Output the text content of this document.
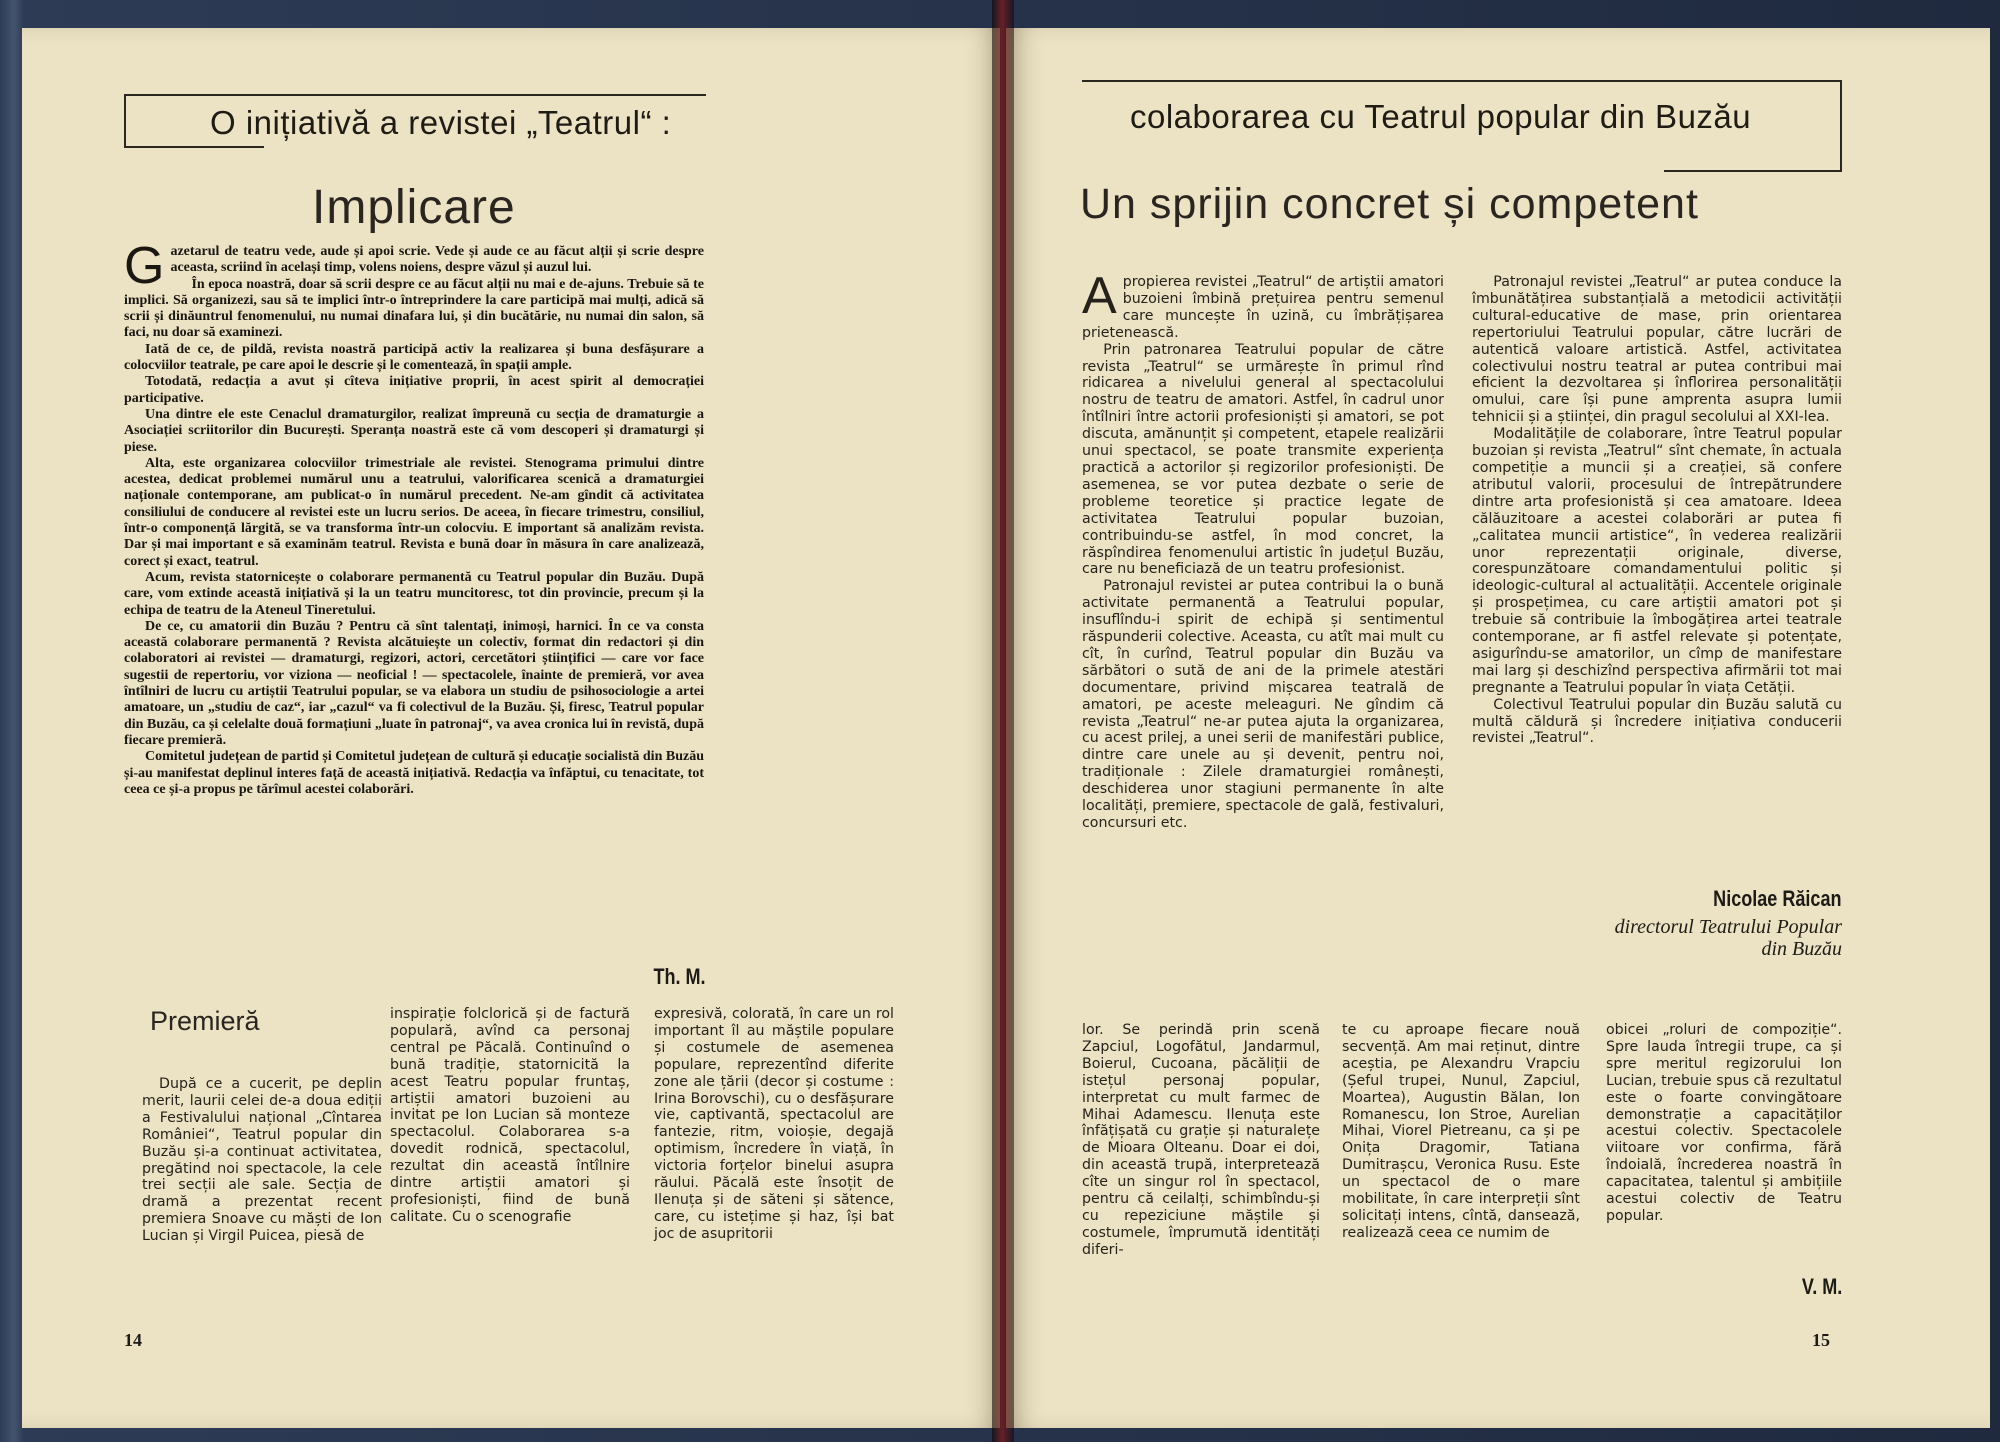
O inițiativă a revistei „Teatrul“ :
Implicare
G azetarul de teatru vede, aude și apoi scrie. Vede și aude ce au făcut alții și scrie despre aceasta, scriind în același timp, volens noiens, despre văzul și auzul lui.

În epoca noastră, doar să scrii despre ce au făcut alții nu mai e de-ajuns. Trebuie să te implici. Să organizezi, sau să te implici într-o întreprindere la care participă mai mulți, adică să scrii și dinăuntrul fenomenului, nu numai dinafara lui, și din bucătărie, nu numai din salon, să faci, nu doar să examinezi.

Iată de ce, de pildă, revista noastră participă activ la realizarea și buna desfășurare a colocviilor teatrale, pe care apoi le descrie și le comentează, în spații ample.

Totodată, redacția a avut și cîteva inițiative proprii, în acest spirit al democrației participative.

Una dintre ele este Cenaclul dramaturgilor, realizat împreună cu secția de dramaturgie a Asociației scriitorilor din București. Speranța noastră este că vom descoperi și dramaturgi și piese.

Alta, este organizarea colocviilor trimestriale ale revistei. Stenograma primului dintre acestea, dedicat problemei numărul unu a teatrului, valorificarea scenică a dramaturgiei naționale contemporane, am publicat-o în numărul precedent. Ne-am gîndit că activitatea consiliului de conducere al revistei este un lucru serios. De aceea, în fiecare trimestru, consiliul, într-o componență lărgită, se va transforma într-un colocviu. E important să analizăm revista. Dar și mai important e să examinăm teatrul. Revista e bună doar în măsura în care analizează, corect și exact, teatrul.

Acum, revista statornicește o colaborare permanentă cu Teatrul popular din Buzău. După care, vom extinde această inițiativă și la un teatru muncitoresc, tot din provincie, precum și la echipa de teatru de la Ateneul Tineretului.

De ce, cu amatorii din Buzău ? Pentru că sînt talentați, inimoși, harnici. În ce va consta această colaborare permanentă ? Revista alcătuiește un colectiv, format din redactori și din colaboratori ai revistei — dramaturgi, regizori, actori, cercetători științifici — care vor face sugestii de repertoriu, vor viziona — neoficial ! — spectacolele, înainte de premieră, vor avea întîlniri de lucru cu artiștii Teatrului popular, se va elabora un studiu de psihosociologie a artei amatoare, un „studiu de caz“, iar „cazul“ va fi colectivul de la Buzău. Și, firesc, Teatrul popular din Buzău, ca și celelalte două formațiuni „luate în patronaj“, va avea cronica lui în revistă, după fiecare premieră.

Comitetul județean de partid și Comitetul județean de cultură și educație socialistă din Buzău și-au manifestat deplinul interes față de această inițiativă. Redacția va înfăptui, cu tenacitate, tot ceea ce și-a propus pe tărîmul acestei colaborări.

Th. M.
Premieră
După ce a cucerit, pe deplin merit, laurii celei de-a doua ediții a Festivalului național „Cîntarea României“, Teatrul popular din Buzău și-a continuat activitatea, pregătind noi spectacole, la cele trei secții ale sale. Secția de dramă a prezentat recent premiera Snoave cu măști de Ion Lucian și Virgil Puicea, piesă de
inspirație folclorică și de factură populară, avînd ca personaj central pe Păcală. Continuînd o bună tradiție, statornicită la acest Teatru popular fruntaș, artiștii amatori buzoieni au invitat pe Ion Lucian să monteze spectacolul. Colaborarea s-a dovedit rodnică, spectacolul, rezultat din această întîlnire dintre artiștii amatori și profesioniști, fiind de bună calitate. Cu o scenografie
expresivă, colorată, în care un rol important îl au măștile populare și costumele de asemenea populare, reprezentînd diferite zone ale țării (decor și costume : Irina Borovschi), cu o desfășurare vie, captivantă, spectacolul are fantezie, ritm, voioșie, degajă optimism, încredere în viață, în victoria forțelor binelui asupra răului. Păcală este însoțit de Ilenuța și de săteni și sătence, care, cu istețime și haz, își bat joc de asupritorii
14
colaborarea cu Teatrul popular din Buzău
Un sprijin concret și competent
A propierea revistei „Teatrul“ de artiștii amatori buzoieni îmbină prețuirea pentru semenul care muncește în uzină, cu îmbrățișarea prietenească.

Prin patronarea Teatrului popular de către revista „Teatrul“ se urmărește în primul rînd ridicarea a nivelului general al spectacolului nostru de teatru de amatori. Astfel, în cadrul unor întîlniri între actorii profesioniști și amatori, se pot discuta, amănunțit și competent, etapele realizării unui spectacol, se poate transmite experiența practică a actorilor și regizorilor profesioniști. De asemenea, se vor putea dezbate o serie de probleme teoretice și practice legate de activitatea Teatrului popular buzoian, contribuindu-se astfel, în mod concret, la răspîndirea fenomenului artistic în județul Buzău, care nu beneficiază de un teatru profesionist.

Patronajul revistei ar putea contribui la o bună activitate permanentă a Teatrului popular, insuflîndu-i spirit de echipă și sentimentul răspunderii colective. Aceasta, cu atît mai mult cu cît, în curînd, Teatrul popular din Buzău va sărbători o sută de ani de la primele atestări documentare, privind mișcarea teatrală de amatori, pe aceste meleaguri. Ne gîndim că revista „Teatrul“ ne-ar putea ajuta la organizarea, cu acest prilej, a unei serii de manifestări publice, dintre care unele au și devenit, pentru noi, tradiționale : Zilele dramaturgiei românești, deschiderea unor stagiuni permanente în alte localități, premiere, spectacole de gală, festivaluri, concursuri etc.

Patronajul revistei „Teatrul“ ar putea conduce la îmbunătățirea substanțială a metodicii activității cultural-educative de mase, prin orientarea repertoriului Teatrului popular, către lucrări de autentică valoare artistică. Astfel, activitatea colectivului nostru teatral ar putea contribui mai eficient la dezvoltarea și înflorirea personalității omului, care își pune amprenta asupra lumii tehnicii și a științei, din pragul secolului al XXI-lea.

Modalitățile de colaborare, între Teatrul popular buzoian și revista „Teatrul“ sînt chemate, în actuala competiție a muncii și a creației, să confere atributul valorii, procesului de întrepătrundere dintre arta profesionistă și cea amatoare. Ideea călăuzitoare a acestei colaborări ar putea fi „calitatea muncii artistice“, în vederea realizării unor reprezentații originale, diverse, corespunzătoare comandamentului politic și ideologic-cultural al actualității. Accentele originale și prospețimea, cu care artiștii amatori pot și trebuie să contribuie la îmbogățirea artei teatrale contemporane, ar fi astfel relevate și potențate, asigurîndu-se amatorilor, un cîmp de manifestare mai larg și deschizînd perspectiva afirmării tot mai pregnante a Teatrului popular în viața Cetății.

Colectivul Teatrului popular din Buzău salută cu multă căldură și încredere inițiativa conducerii revistei „Teatrul“.

Nicolae Răican
directorul Teatrului Popular din Buzău
lor. Se perindă prin scenă Zapciul, Logofătul, Jandarmul, Boierul, Cucoana, păcăliții de istețul personaj popular, interpretat cu mult farmec de Mihai Adamescu. Ilenuța este înfățișată cu grație și naturalețe de Mioara Olteanu. Doar ei doi, din această trupă, interpretează cîte un singur rol în spectacol, pentru că ceilalți, schimbîndu-și cu repeziciune măștile și costumele, împrumută identități diferi-
te cu aproape fiecare nouă secvență. Am mai reținut, dintre aceștia, pe Alexandru Vrapciu (Șeful trupei, Nunul, Zapciul, Moartea), Augustin Bălan, Ion Romanescu, Ion Stroe, Aurelian Mihai, Viorel Pietreanu, ca și pe Onița Dragomir, Tatiana Dumitrașcu, Veronica Rusu. Este un spectacol de o mare mobilitate, în care interpreții sînt solicitați intens, cîntă, dansează, realizează ceea ce numim de
obicei „roluri de compoziție“. Spre lauda întregii trupe, ca și spre meritul regizorului Ion Lucian, trebuie spus că rezultatul este o foarte convingătoare demonstrație a capacităților acestui colectiv. Spectacolele viitoare vor confirma, fără îndoială, încrederea noastră în capacitatea, talentul și ambițiile acestui colectiv de Teatru popular.
V. M.
15
